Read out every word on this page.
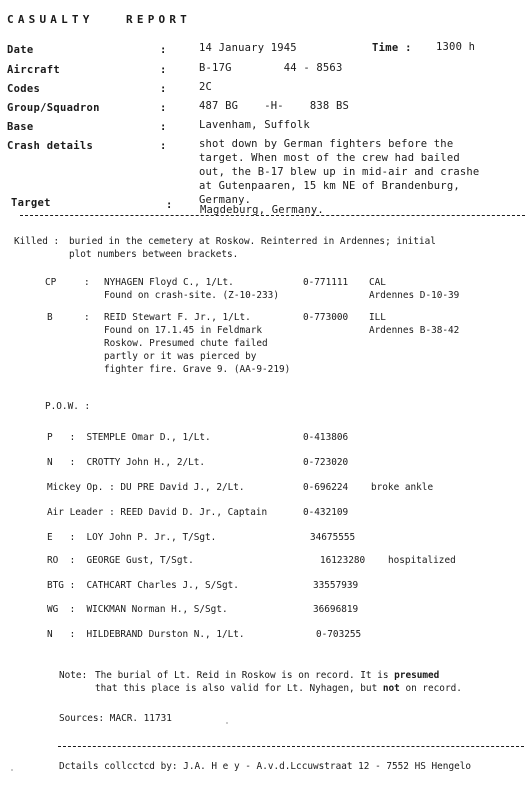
CASUALTY   REPORT
Date	:	14 January 1945	Time : 1300 h
Aircraft	:	B-17G        44 - 8563
Codes	:	2C
Group/Squadron	:	487 BG    -H-    838 BS
Base	:	Lavenham, Suffolk
Crash details	:	shot down by German fighters before the
target. When most of the crew had bailed
out, the B-17 blew up in mid-air and crashe
at Gutenpaaren, 15 km NE of Brandenburg,
Germany.
Target	:	Magdeburg, Germany.
Killed : buried in the cemetery at Roskow. Reinterred in Ardennes; initial
plot numbers between brackets.
CP	: NYHAGEN Floyd C., 1/Lt.	0-771111 CAL
Found on crash-site. (Z-10-233)	Ardennes D-10-39
B	: REID Stewart F. Jr., 1/Lt.	0-773000 ILL
Found on 17.1.45 in Feldmark	Ardennes B-38-42
Roskow. Presumed chute failed
partly or it was pierced by
fighter fire. Grave 9. (AA-9-219)
P.O.W. :
P   :  STEMPLE Omar D., 1/Lt.	0-413806
N   :  CROTTY John H., 2/Lt.	0-723020
Mickey Op. : DU PRE David J., 2/Lt.	0-696224 broke ankle
Air Leader : REED David D. Jr., Captain	0-432109
E   :  LOY John P. Jr., T/Sgt.	34675555
RO  :  GEORGE Gust, T/Sgt.	16123280 hospitalized
BTG :  CATHCART Charles J., S/Sgt.	33557939
WG  :  WICKMAN Norman H., S/Sgt.	36696819
N   :  HILDEBRAND Durston N., 1/Lt.	0-703255
Note: The burial of Lt. Reid in Roskow is on record. It is presumed
that this place is also valid for Lt. Nyhagen, but not on record.
Sources: MACR. 11731
Dctails collcctcd by: J.A. H e y - A.v.d.Lccuwstraat 12 - 7552 HS Hengelo
